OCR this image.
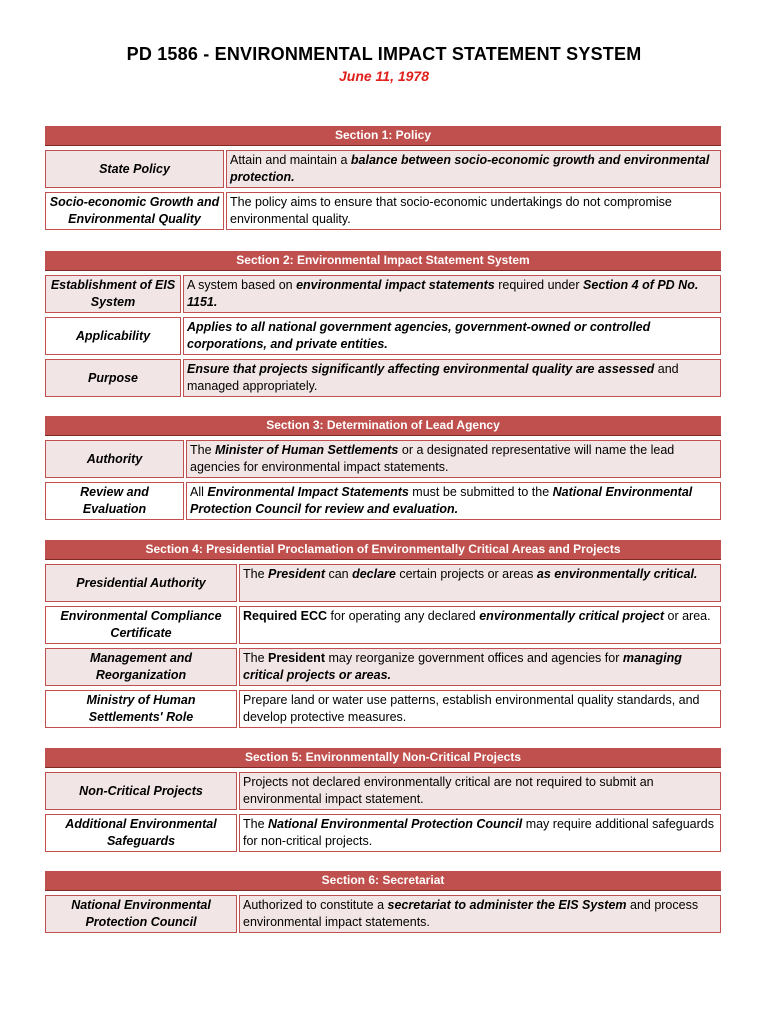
PD 1586 - ENVIRONMENTAL IMPACT STATEMENT SYSTEM
June 11, 1978
Section 1: Policy
State Policy
Attain and maintain a balance between socio-economic growth and environmental protection.
Socio-economic Growth and Environmental Quality
The policy aims to ensure that socio-economic undertakings do not compromise environmental quality.
Section 2: Environmental Impact Statement System
Establishment of EIS System
A system based on environmental impact statements required under Section 4 of PD No. 1151.
Applicability
Applies to all national government agencies, government-owned or controlled corporations, and private entities.
Purpose
Ensure that projects significantly affecting environmental quality are assessed and managed appropriately.
Section 3: Determination of Lead Agency
Authority
The Minister of Human Settlements or a designated representative will name the lead agencies for environmental impact statements.
Review and Evaluation
All Environmental Impact Statements must be submitted to the National Environmental Protection Council for review and evaluation.
Section 4: Presidential Proclamation of Environmentally Critical Areas and Projects
Presidential Authority
The President can declare certain projects or areas as environmentally critical.
Environmental Compliance Certificate
Required ECC for operating any declared environmentally critical project or area.
Management and Reorganization
The President may reorganize government offices and agencies for managing critical projects or areas.
Ministry of Human Settlements' Role
Prepare land or water use patterns, establish environmental quality standards, and develop protective measures.
Section 5: Environmentally Non-Critical Projects
Non-Critical Projects
Projects not declared environmentally critical are not required to submit an environmental impact statement.
Additional Environmental Safeguards
The National Environmental Protection Council may require additional safeguards for non-critical projects.
Section 6: Secretariat
National Environmental Protection Council
Authorized to constitute a secretariat to administer the EIS System and process environmental impact statements.
